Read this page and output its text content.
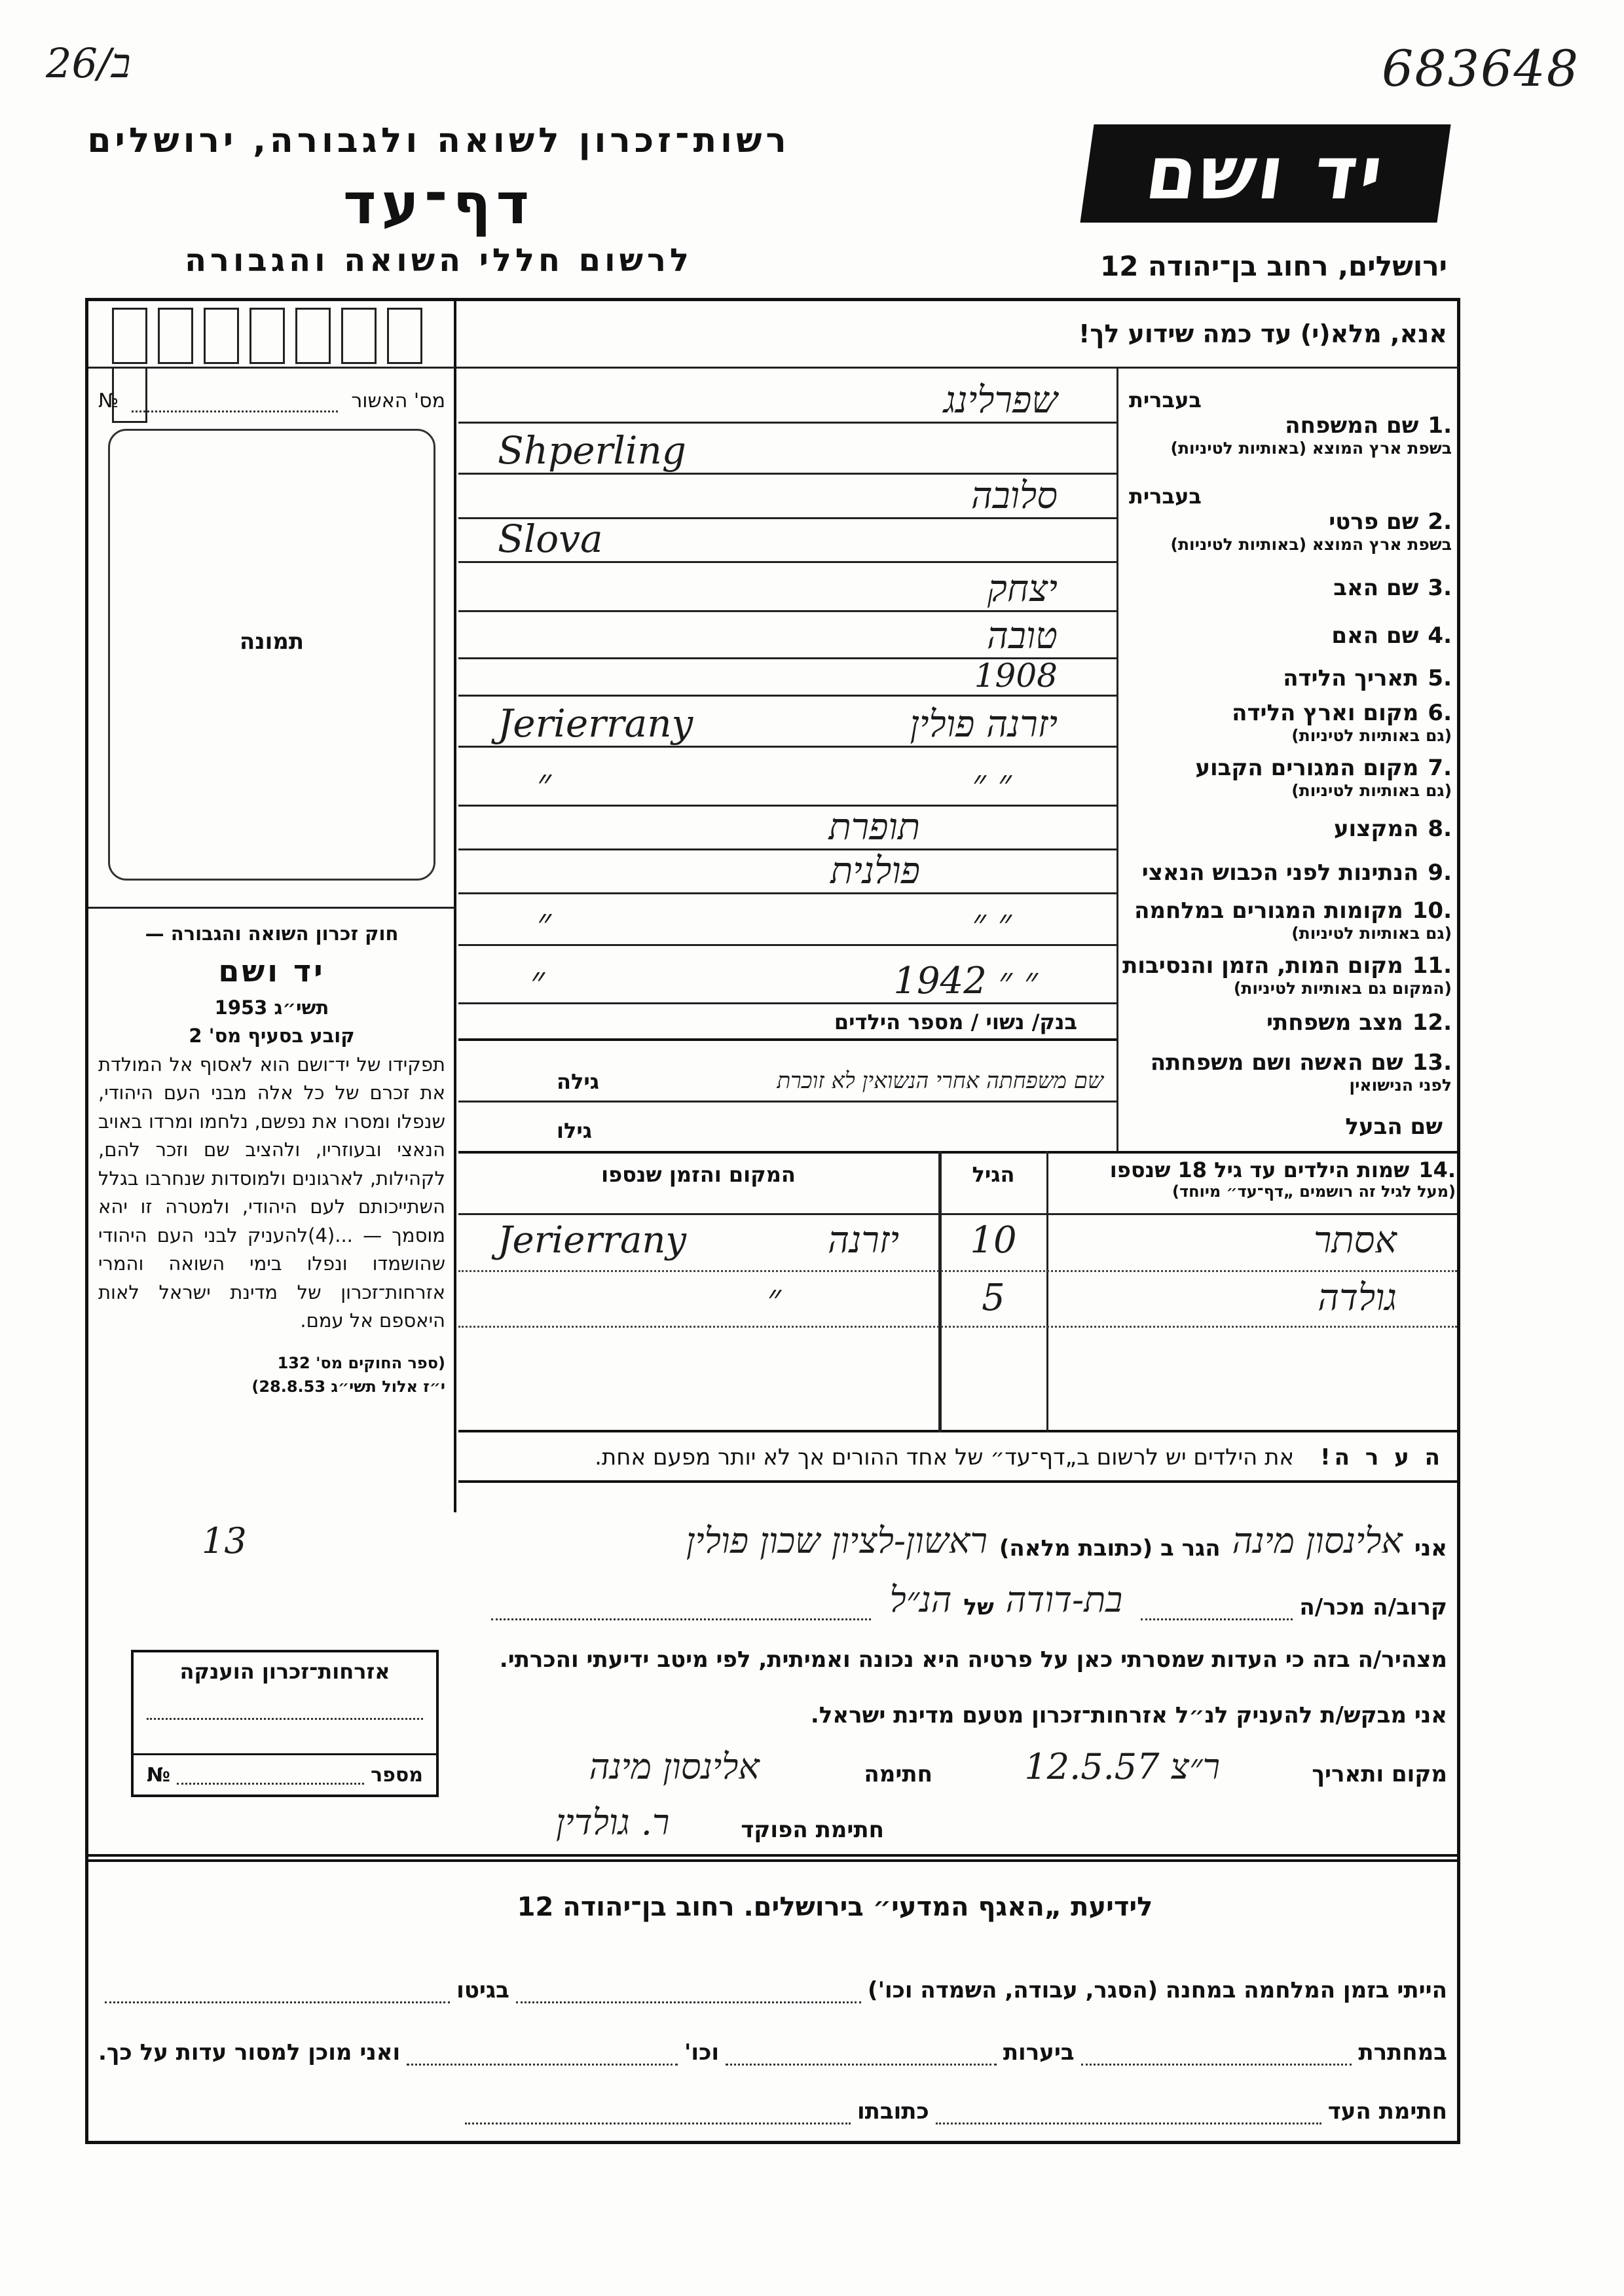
26/ב	683648
רשות־זכרון לשואה ולגבורה, ירושלים
דף־עד
לרשום חללי השואה והגבורה
יד ושם
ירושלים, רחוב בן־יהודה 12
אנא, מלא(י) עד כמה שידוע לך!
מס' האשור
№
תמונה
חוק זכרון השואה והגבורה —
יד ושם
תשי״ג 1953
קובע בסעיף מס' 2
תפקידו של יד־ושם הוא לאסוף אל המולדת את זכרם של כל אלה מבני העם היהודי, שנפלו ומסרו את נפשם, נלחמו ומרדו באויב הנאצי ובעוזריו, ולהציב שם וזכר להם, לקהילות, לארגונים ולמוסדות שנחרבו בגלל השתייכותם לעם היהודי, ולמטרה זו יהא מוסמך — ...(4)להעניק לבני העם היהודי שהושמדו ונפלו בימי השואה והמרי אזרחות־זכרון של מדינת ישראל לאות היאספם אל עמם.
(ספר החוקים מס' 132
י״ז אלול תשי״ג 28.8.53)
בעברית
1.שם המשפחה
בשפת ארץ המוצא (באותיות לטיניות)
שפרלינג
Shperling
בעברית
2.שם פרטי
בשפת ארץ המוצא (באותיות לטיניות)
סלובה
Slova
3.שם האב
יצחק
4.שם האם
טובה
5.תאריך הלידה
1908
6.מקום וארץ הלידה
(גם באותיות לטיניות)
יזרנה פולין
Jerierrany
7.מקום המגורים הקבוע
(גם באותיות לטיניות)
״ ״
״
8.המקצוע
תופרת
9.הנתינות לפני הכבוש הנאצי
פולנית
10.מקומות המגורים במלחמה
(גם באותיות לטיניות)
״ ״
״
11.מקום המות, הזמן והנסיבות
(המקום גם באותיות לטיניות)
״ ״ 1942
״
12.מצב משפחתי
בנק/ נשוי / מספר הילדים
13.שם האשה ושם משפחתה
לפני הנישואין
שם משפחתה אחרי הנשואין לא זוכרת
גילה
שם הבעל
גילו
14.שמות הילדים עד גיל 18 שנספו
(מעל לגיל זה רושמים „דף־עד״ מיוחד)
הגיל
המקום והזמן שנספו
אסתר
10
יזרנה
Jerierrany
גולדה
5
״
ה ע ר ה!
את הילדים יש לרשום ב„דף־עד״ של אחד ההורים אך לא יותר מפעם אחת.
אני
אלינסון מינה
הגר ב (כתובת מלאה)
ראשון-לציון שכון פולין
13
קרוב/ה מכר/ה
בת-דודה
של
הנ״ל
מצהיר/ה בזה כי העדות שמסרתי כאן על פרטיה היא נכונה ואמיתית, לפי מיטב ידיעתי והכרתי.
אני מבקש/ת להעניק לנ״ל אזרחות־זכרון מטעם מדינת ישראל.
מקום ותאריך
ר״צ 12.5.57
חתימה
אלינסון מינה
חתימת הפוקד
ר. גולדין
אזרחות־זכרון הוענקה
מספר
№
לידיעת „האגף המדעי״ בירושלים. רחוב בן־יהודה 12
הייתי בזמן המלחמה במחנה (הסגר, עבודה, השמדה וכו')
בגיטו
במחתרת
ביערות
וכו'
ואני מוכן למסור עדות על כך.
חתימת העד
כתובתו
